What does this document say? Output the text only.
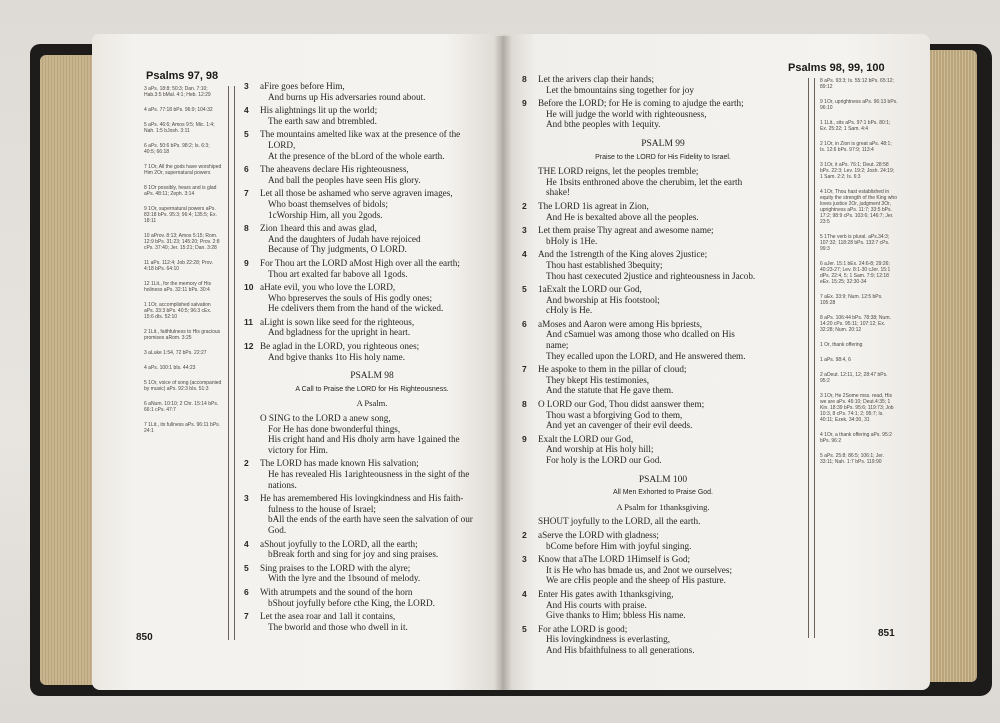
Psalms 97, 98
3 aPs. 18:8; 50:3; Dan. 7:10; Hab.3:5 bMal. 4:1; Heb. 12:29
4 aPs. 77:18 bPs. 96:9; 104:32
5 aPs. 46:6; Amos 9:5; Mic. 1:4; Nah. 1:5 bJosh. 3:11
6 aPs. 50:6 bPs. 98:2; Is. 6:3; 40:5; 66:18
7 1Or, All the gods have worshiped Him 2Or, supernatural powers
8 1Or possibly, hears and is glad aPs. 48:11; Zeph. 3:14
9 1Or, supernatural powers aPs. 83:18 bPs. 95:3; 96:4; 135:5; Ex. 18:11
10 aProv. 8:13; Amos 5:15; Rom. 12:9 bPs. 31:23; 145:20; Prov. 2:8 cPs. 37:40; Jer. 15:21; Dan. 3:28
11 aPs. 112:4; Job 22:28; Prov. 4:18 bPs. 64:10
12 1Lit., for the memory of His holiness aPs. 32:11 bPs. 30:4
1 1Or, accomplished salvation aPs. 33:3 bPs. 40:5; 96:3 cEx. 15:6 dIs. 52:10
2 1Lit., faithfulness to His gracious promises aRom. 3:25
3 aLuke 1:54, 72 bPs. 22:27
4 aPs. 100:1 bIs. 44:23
5 1Or, voice of song (accompanied by music) aPs. 92:3 bIs. 51:3
6 aNum. 10:10; 2 Chr. 15:14 bPs. 66:1 cPs. 47:7
7 1Lit., its fullness aPs. 96:11 bPs. 24:1
3	aFire goes before Him,
And burns up His adversaries round about.
4	His alightnings lit up the world;
The earth saw and btrembled.
5	The mountains amelted like wax at the presence of the
LORD,
At the presence of the bLord of the whole earth.
6	The aheavens declare His righteousness,
And ball the peoples have seen His glory.
7	Let all those be ashamed who serve agraven images,
Who boast themselves of bidols;
1cWorship Him, all you 2gods.
8	Zion 1heard this and awas glad,
And the daughters of Judah have rejoiced
Because of Thy judgments, O LORD.
9	For Thou art the LORD aMost High over all the earth;
Thou art exalted far babove all 1gods.
10 aHate evil, you who love the LORD,
Who bpreserves the souls of His godly ones;
He cdelivers them from the hand of the wicked.
11 aLight is sown like seed for the righteous,
And bgladness for the upright in heart.
12 Be aglad in the LORD, you righteous ones;
And bgive thanks 1to His holy name.
PSALM 98
A Call to Praise the LORD for His Righteousness.
A Psalm.
O SING to the LORD a anew song,
For He has done bwonderful things,
His cright hand and His dholy arm have 1gained the
victory for Him.
2	The LORD has made known His salvation;
He has revealed His 1arighteousness in the sight of the
nations.
3	He has aremembered His lovingkindness and His faith-
fulness to the house of Israel;
bAll the ends of the earth have seen the salvation of our
God.
4	aShout joyfully to the LORD, all the earth;
bBreak forth and sing for joy and sing praises.
5	Sing praises to the LORD with the alyre;
With the lyre and the 1bsound of melody.
6	With atrumpets and the sound of the horn
bShout joyfully before cthe King, the LORD.
7	Let the asea roar and 1all it contains,
The bworld and those who dwell in it.
850
Psalms 98, 99, 100
8	Let the arivers clap their hands;
Let the bmountains sing together for joy
9	Before the LORD; for He is coming to ajudge the earth;
He will judge the world with righteousness,
And bthe peoples with 1equity.
PSALM 99
Praise to the LORD for His Fidelity to Israel.
THE LORD reigns, let the peoples tremble;
He 1bsits enthroned above the cherubim, let the earth
shake!
2	The LORD 1is agreat in Zion,
And He is bexalted above all the peoples.
3	Let them praise Thy agreat and awesome name;
bHoly is 1He.
4	And the 1strength of the King aloves 2justice;
Thou hast established 3bequity;
Thou hast cexecuted 2justice and righteousness in Jacob.
5	1aExalt the LORD our God,
And bworship at His footstool;
cHoly is He.
6	aMoses and Aaron were among His bpriests,
And cSamuel was among those who dcalled on His
name;
They ecalled upon the LORD, and He answered them.
7	He aspoke to them in the pillar of cloud;
They bkept His testimonies,
And the statute that He gave them.
8	O LORD our God, Thou didst aanswer them;
Thou wast a bforgiving God to them,
And yet an cavenger of their evil deeds.
9	Exalt the LORD our God,
And worship at His holy hill;
For holy is the LORD our God.
PSALM 100
All Men Exhorted to Praise God.
A Psalm for 1thanksgiving.
SHOUT joyfully to the LORD, all the earth.
2	aServe the LORD with gladness;
bCome before Him with joyful singing.
3	Know that aThe LORD 1Himself is God;
It is He who has bmade us, and 2not we ourselves;
We are cHis people and the sheep of His pasture.
4	Enter His gates awith 1thanksgiving,
And His courts with praise.
Give thanks to Him; bbless His name.
5	For athe LORD is good;
His lovingkindness is everlasting,
And His bfaithfulness to all generations.
8 aPs. 93:3; Is. 55:12 bPs. 65:12; 89:12
9 1Or, uprightness aPs. 96:13 bPs. 96:10
1 1Lit., sits aPs. 97:1 bPs. 80:1; Ex. 25:22; 1 Sam. 4:4
2 1Or, in Zion is great aPs. 48:1; Is. 12:6 bPs. 97:9; 113:4
3 1Or, it aPs. 76:1; Deut. 28:58 bPs. 22:3; Lev. 19:2; Josh. 24:19; 1 Sam. 2:2; Is. 6:3
4 1Or, Thou hast established in equity the strength of the King who loves justice 2Or, judgment 3Or, uprightness aPs. 11:7; 33:5 bPs. 17:2; 98:9 cPs. 103:6; 146:7; Jer. 23:5
5 1The verb is plural. aPs.34:3; 107:32; 118:28 bPs. 132:7 cPs. 99:3
6 aJer. 15:1 bEx. 24:6-8; 29:26; 40:23-27; Lev. 8:1-30 cJer. 15:1 dPs. 22:4, 5; 1 Sam. 7:9; 12:18 eEx. 15:25; 32:30-34
7 aEx. 33:9; Num. 12:5 bPs. 105:28
8 aPs. 106:44 bPs. 78:38; Num. 14:20 cPs. 95:11; 107:12; Ex. 32:28; Num. 20:12
1 Or, thank offering
1 aPs. 98:4, 6
2 aDeut. 12:11, 12; 28:47 bPs. 95:2
3 1Or, He 2Some mss. read, His we are aPs. 46:10; Deut.4:35; 1 Kin. 18:39 bPs. 95:6; 119:73; Job 10:3, 8 cPs. 74:1; 2; 95:7; Is. 40:11; Ezek. 34:30, 31
4 1Or, a thank offering aPs. 95:2 bPs. 96:2
5 aPs. 25:8; 86:5; 106:1; Jer. 33:11; Nah. 1:7 bPs. 119:90
851
